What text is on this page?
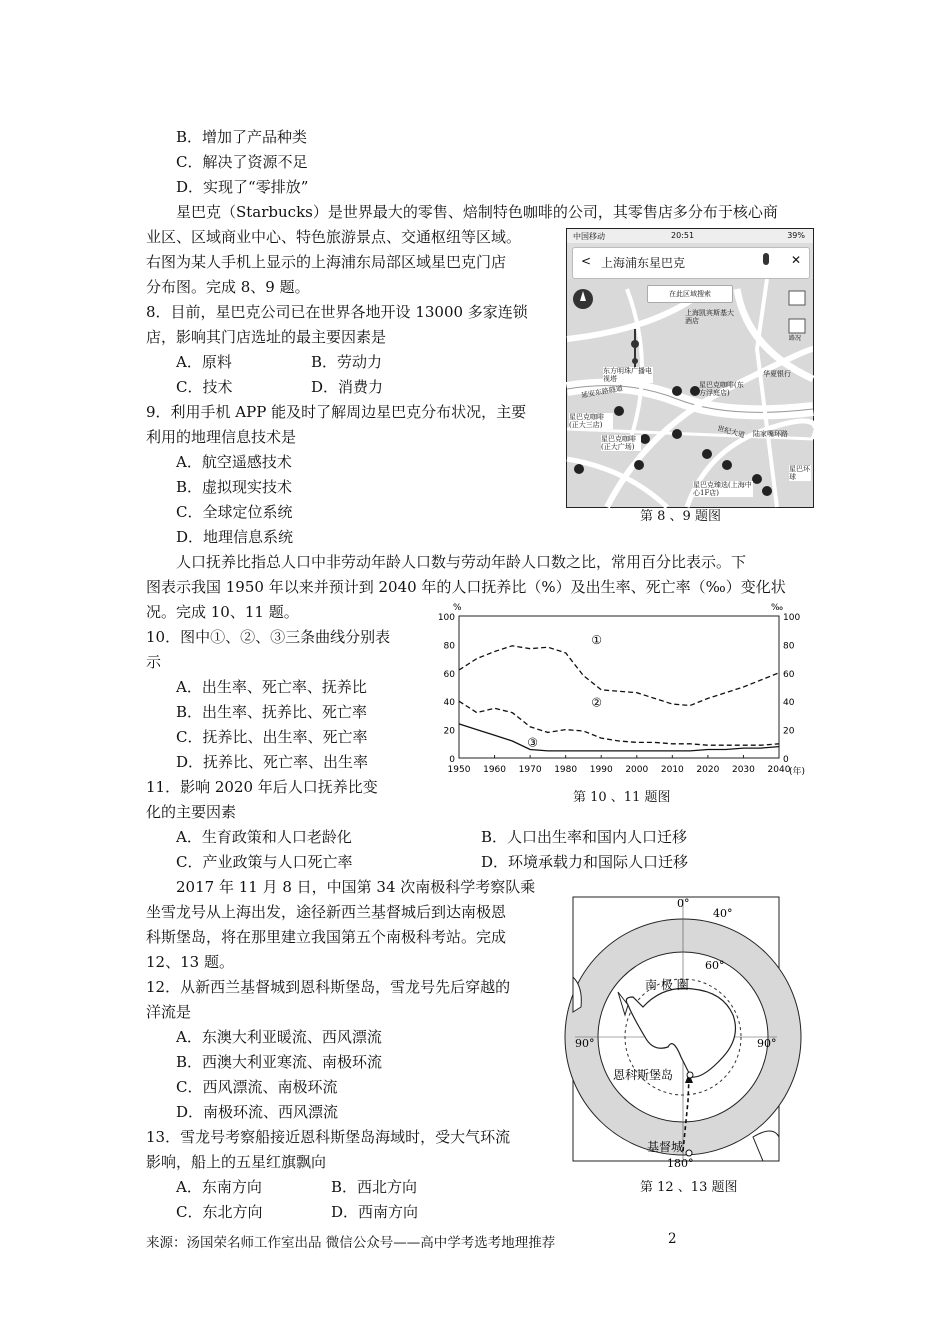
B．增加了产品种类
C．解决了资源不足
D．实现了“零排放”
星巴克（Starbucks）是世界最大的零售、焙制特色咖啡的公司，其零售店多分布于核心商
业区、区域商业中心、特色旅游景点、交通枢纽等区域。
右图为某人手机上显示的上海浦东局部区域星巴克门店
分布图。完成 8、9 题。
8．目前，星巴克公司已在世界各地开设 13000 多家连锁
店，影响其门店选址的最主要因素是
A．原料	B．劳动力
C．技术	D．消费力
9．利用手机 APP 能及时了解周边星巴克分布状况，主要
利用的地理信息技术是
A．航空遥感技术
B．虚拟现实技术
C．全球定位系统
D．地理信息系统
人口抚养比指总人口中非劳动年龄人口数与劳动年龄人口数之比，常用百分比表示。下
图表示我国 1950 年以来并预计到 2040 年的人口抚养比（%）及出生率、死亡率（‰）变化状
况。完成 10、11 题。
10．图中①、②、③三条曲线分别表
示
A．出生率、死亡率、抚养比
B．出生率、抚养比、死亡率
C．抚养比、出生率、死亡率
D．抚养比、死亡率、出生率
11．影响 2020 年后人口抚养比变
化的主要因素
A．生育政策和人口老龄化	B．人口出生率和国内人口迁移
C．产业政策与人口死亡率	D．环境承载力和国际人口迁移
2017 年 11 月 8 日，中国第 34 次南极科学考察队乘
坐雪龙号从上海出发，途径新西兰基督城后到达南极恩
科斯堡岛，将在那里建立我国第五个南极科考站。完成
12、13 题。
12．从新西兰基督城到恩科斯堡岛，雪龙号先后穿越的
洋流是
A．东澳大利亚暖流、西风漂流
B．西澳大利亚寒流、南极环流
C．西风漂流、南极环流
D．南极环流、西风漂流
13．雪龙号考察船接近恩科斯堡岛海域时，受大气环流
影响，船上的五星红旗飘向
A．东南方向	B．西北方向
C．东北方向	D．西南方向
中国移动	20:51	39%
< 上海浦东星巴克	✕
在此区域搜索
路况
上海凯宾斯基大酒店
东方明珠广播电视塔
星巴克咖啡(东方浮庭店)
华夏银行
延安东路隧道
星巴克咖啡(正大三店)
星巴克咖啡(正大广场)
世纪大道 陆家嘴环路
星巴克臻选(上海中心1F店)
星巴环球
第 8 、9 题图
%	‰
0
20
40
60
80
100
0
20
40
60
80
100
1950 1960 1970 1980 1990 2000 2010 2020 2030 2040
①
②
③
(年)
第 10 、11 题图
0°
40°
60°
南 极 圈
90°	90°
恩科斯堡岛
基督城
180°
第 12 、13 题图
来源：汤国荣名师工作室出品 微信公众号——高中学考选考地理推荐	2
